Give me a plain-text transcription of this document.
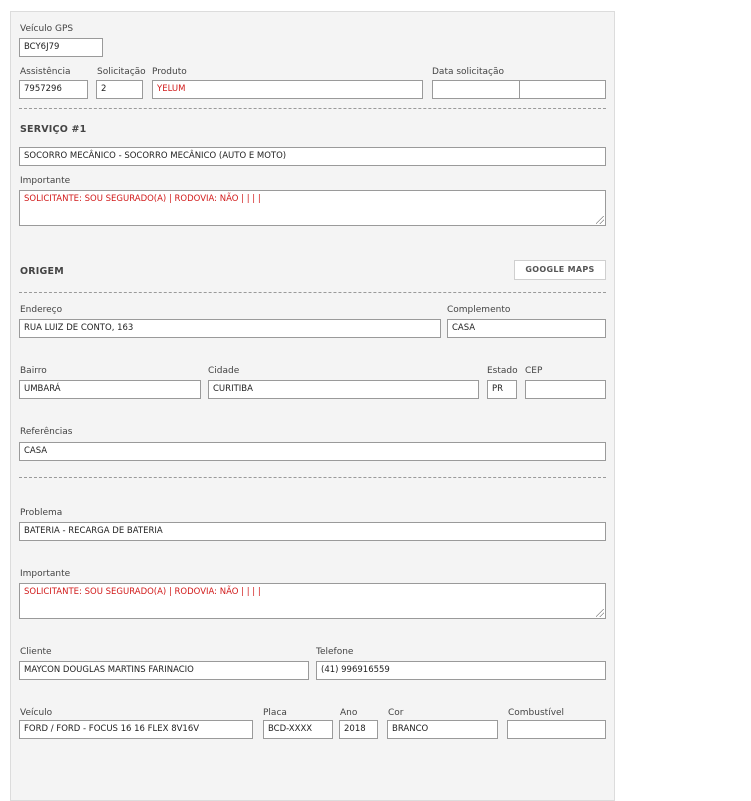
Veículo GPS
BCY6J79
Assistência
7957296
Solicitação
2
Produto
YELUM
Data solicitação
SERVIÇO #1
SOCORRO MECÂNICO - SOCORRO MECÂNICO (AUTO E MOTO)
Importante
SOLICITANTE: SOU SEGURADO(A) | RODOVIA: NÃO | | | |
ORIGEM	GOOGLE MAPS
Endereço
RUA LUIZ DE CONTO, 163
Complemento
CASA
Bairro
UMBARÁ
Cidade
CURITIBA
Estado
PR
CEP
Referências
CASA
Problema
BATERIA - RECARGA DE BATERIA
Importante
SOLICITANTE: SOU SEGURADO(A) | RODOVIA: NÃO | | | |
Cliente
MAYCON DOUGLAS MARTINS FARINACIO
Telefone
(41) 996916559
Veículo
FORD / FORD - FOCUS 16 16 FLEX 8V16V
Placa
BCD-XXXX
Ano
2018
Cor
BRANCO
Combustível
